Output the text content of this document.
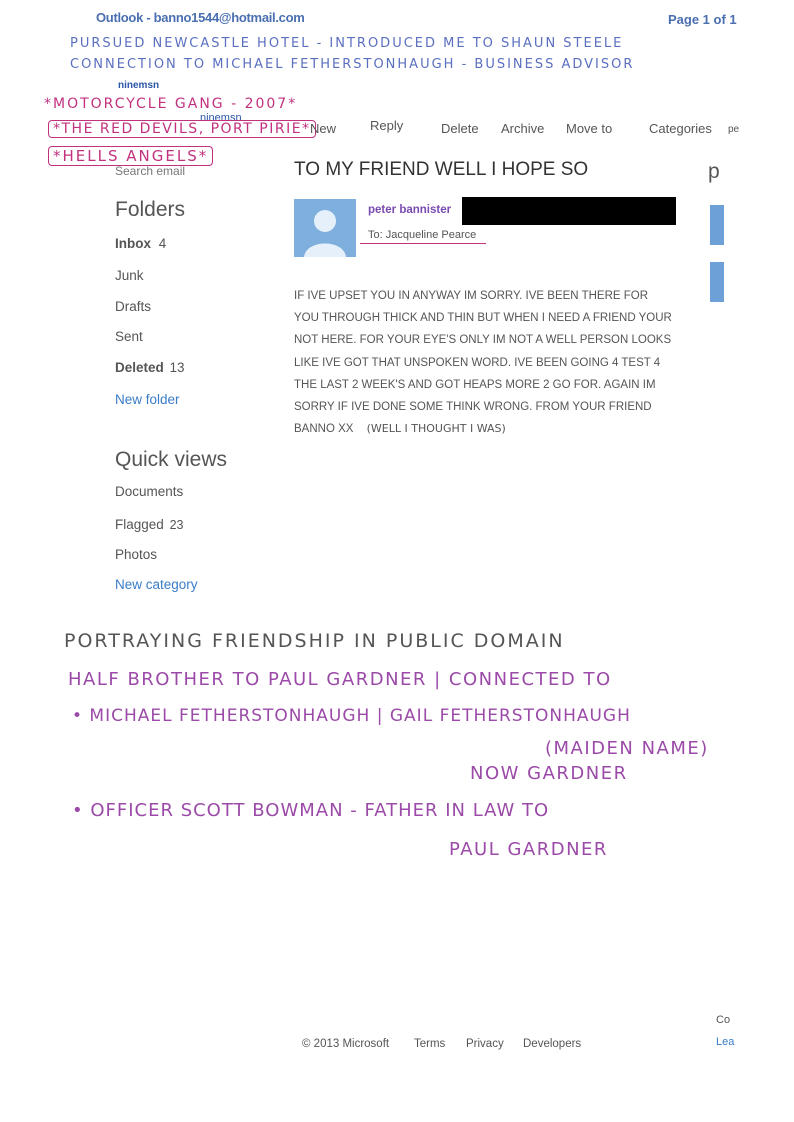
Outlook - banno1544@hotmail.com	Page 1 of 1
PURSUED NEWCASTLE HOTEL - INTRODUCED ME TO SHAUN STEELE
CONNECTION TO MICHAEL FETHERSTONHAUGH - BUSINESS ADVISOR
ninemsn
ninemsn
*MOTORCYCLE GANG - 2007*
*THE RED DEVILS, PORT PIRIE*
*HELLS ANGELS*
New	Reply	Delete Archive Move to	Categories pe
Search email	p
Folders
Inbox 4
Junk
Drafts
Sent
Deleted 13
New folder
Quick views
Documents
Flagged 23
Photos
New category
TO MY FRIEND WELL I HOPE SO
peter bannister
To: Jacqueline Pearce
IF IVE UPSET YOU IN ANYWAY IM SORRY. IVE BEEN THERE FOR YOU THROUGH THICK AND THIN BUT WHEN I NEED A FRIEND YOUR NOT HERE. FOR YOUR EYE'S ONLY IM NOT A WELL PERSON LOOKS LIKE IVE GOT THAT UNSPOKEN WORD. IVE BEEN GOING 4 TEST 4 THE LAST 2 WEEK'S AND GOT HEAPS MORE 2 GO FOR. AGAIN IM SORRY IF IVE DONE SOME THINK WRONG. FROM YOUR FRIEND BANNO XX (WELL I THOUGHT I WAS)
PORTRAYING FRIENDSHIP IN PUBLIC DOMAIN
HALF BROTHER TO PAUL GARDNER | CONNECTED TO
• MICHAEL FETHERSTONHAUGH | GAIL FETHERSTONHAUGH
(MAIDEN NAME)
NOW GARDNER
• OFFICER SCOTT BOWMAN - FATHER IN LAW TO
PAUL GARDNER
© 2013 Microsoft Terms Privacy Developers
Co
Lea
